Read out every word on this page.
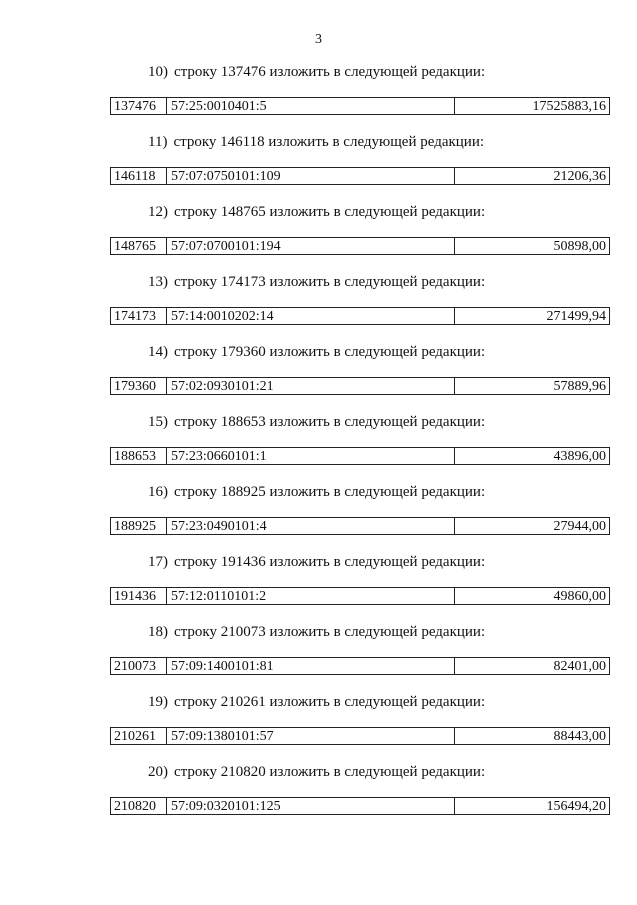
3
10) строку 137476 изложить в следующей редакции:
137476	57:25:0010401:5	17525883,16
11) строку 146118 изложить в следующей редакции:
146118	57:07:0750101:109	21206,36
12) строку 148765 изложить в следующей редакции:
148765	57:07:0700101:194	50898,00
13) строку 174173 изложить в следующей редакции:
174173	57:14:0010202:14	271499,94
14) строку 179360 изложить в следующей редакции:
179360	57:02:0930101:21	57889,96
15) строку 188653 изложить в следующей редакции:
188653	57:23:0660101:1	43896,00
16) строку 188925 изложить в следующей редакции:
188925	57:23:0490101:4	27944,00
17) строку 191436 изложить в следующей редакции:
191436	57:12:0110101:2	49860,00
18) строку 210073 изложить в следующей редакции:
210073	57:09:1400101:81	82401,00
19) строку 210261 изложить в следующей редакции:
210261	57:09:1380101:57	88443,00
20) строку 210820 изложить в следующей редакции:
210820	57:09:0320101:125	156494,20
